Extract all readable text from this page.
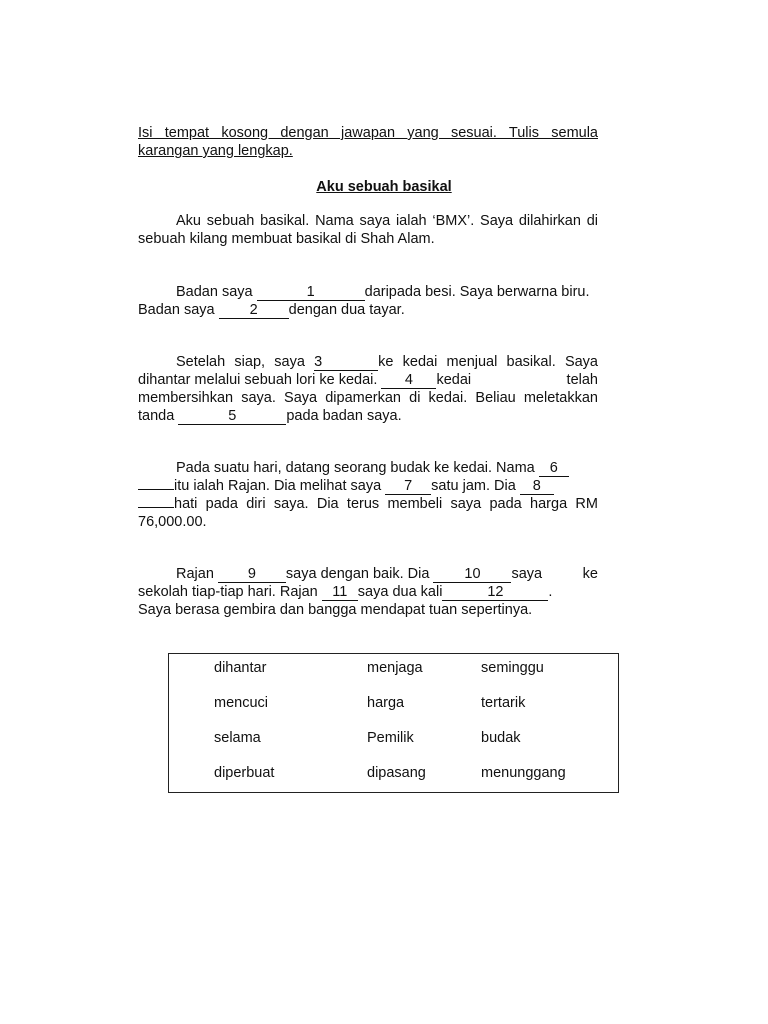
Isi tempat kosong dengan jawapan yang sesuai. Tulis semula
karangan yang lengkap.
Aku sebuah basikal
Aku sebuah basikal. Nama saya ialah ‘BMX’. Saya dilahirkan di
sebuah kilang membuat basikal di Shah Alam.
Badan saya	1	daripada besi. Saya berwarna biru.
Badan saya 2 dengan dua tayar.
Setelah siap, saya 3	ke kedai menjual basikal. Saya
dihantar melalui sebuah lori ke kedai. 4 kedai	telah
membersihkan saya. Saya dipamerkan di kedai. Beliau meletakkan
tanda	5	pada badan saya.
Pada suatu hari, datang seorang budak ke kedai. Nama 6
itu ialah Rajan. Dia melihat saya 7 satu jam. Dia 8
hati pada diri saya. Dia terus membeli saya pada harga RM
76,000.00.
Rajan 9 saya dengan baik. Dia 10 saya	ke
sekolah tiap-tiap hari. Rajan 11 saya dua kali	12	.
Saya berasa gembira dan bangga mendapat tuan sepertinya.
dihantar	menjaga	seminggu
mencuci	harga	tertarik
selama	Pemilik	budak
diperbuat	dipasang	menunggang
